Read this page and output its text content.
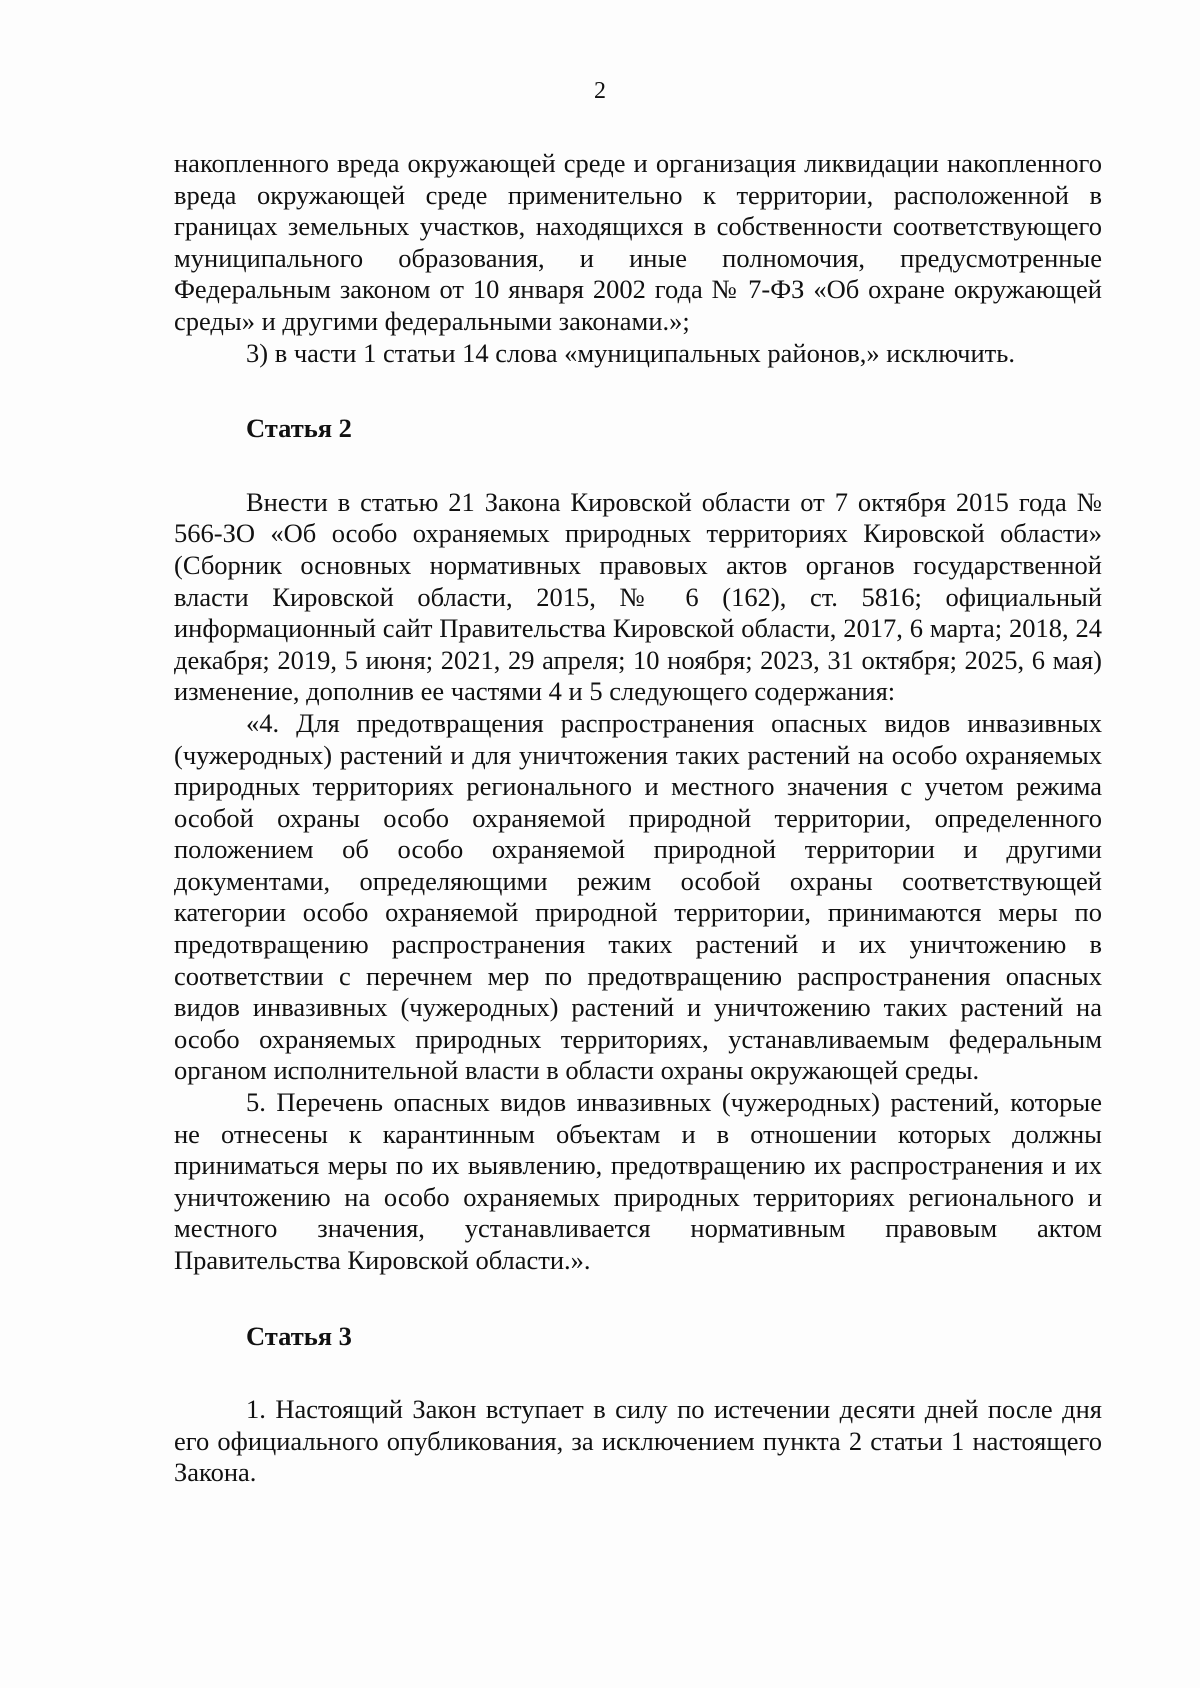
2

накопленного вреда окружающей среде и организация ликвидации накопленного вреда окружающей среде применительно к территории, расположенной в границах земельных участков, находящихся в собственности соответствующего муниципального образования, и иные полномочия, предусмотренные Федеральным законом от 10 января 2002 года № 7-ФЗ «Об охране окружающей среды» и другими федеральными законами.»;

3) в части 1 статьи 14 слова «муниципальных районов,» исключить.

Статья 2

Внести в статью 21 Закона Кировской области от 7 октября 2015 года № 566-ЗО «Об особо охраняемых природных территориях Кировской области» (Сборник основных нормативных правовых актов органов государственной власти Кировской области, 2015, № 6 (162), ст. 5816; официальный информационный сайт Правительства Кировской области, 2017, 6 марта; 2018, 24 декабря; 2019, 5 июня; 2021, 29 апреля; 10 ноября; 2023, 31 октября; 2025, 6 мая) изменение, дополнив ее частями 4 и 5 следующего содержания:

«4. Для предотвращения распространения опасных видов инвазивных (чужеродных) растений и для уничтожения таких растений на особо охраняемых природных территориях регионального и местного значения с учетом режима особой охраны особо охраняемой природной территории, определенного положением об особо охраняемой природной территории и другими документами, определяющими режим особой охраны соответствующей категории особо охраняемой природной территории, принимаются меры по предотвращению распространения таких растений и их уничтожению в соответствии с перечнем мер по предотвращению распространения опасных видов инвазивных (чужеродных) растений и уничтожению таких растений на особо охраняемых природных территориях, устанавливаемым федеральным органом исполнительной власти в области охраны окружающей среды.

5. Перечень опасных видов инвазивных (чужеродных) растений, которые не отнесены к карантинным объектам и в отношении которых должны приниматься меры по их выявлению, предотвращению их распространения и их уничтожению на особо охраняемых природных территориях регионального и местного значения, устанавливается нормативным правовым актом Правительства Кировской области.».

Статья 3

1. Настоящий Закон вступает в силу по истечении десяти дней после дня его официального опубликования, за исключением пункта 2 статьи 1 настоящего Закона.
